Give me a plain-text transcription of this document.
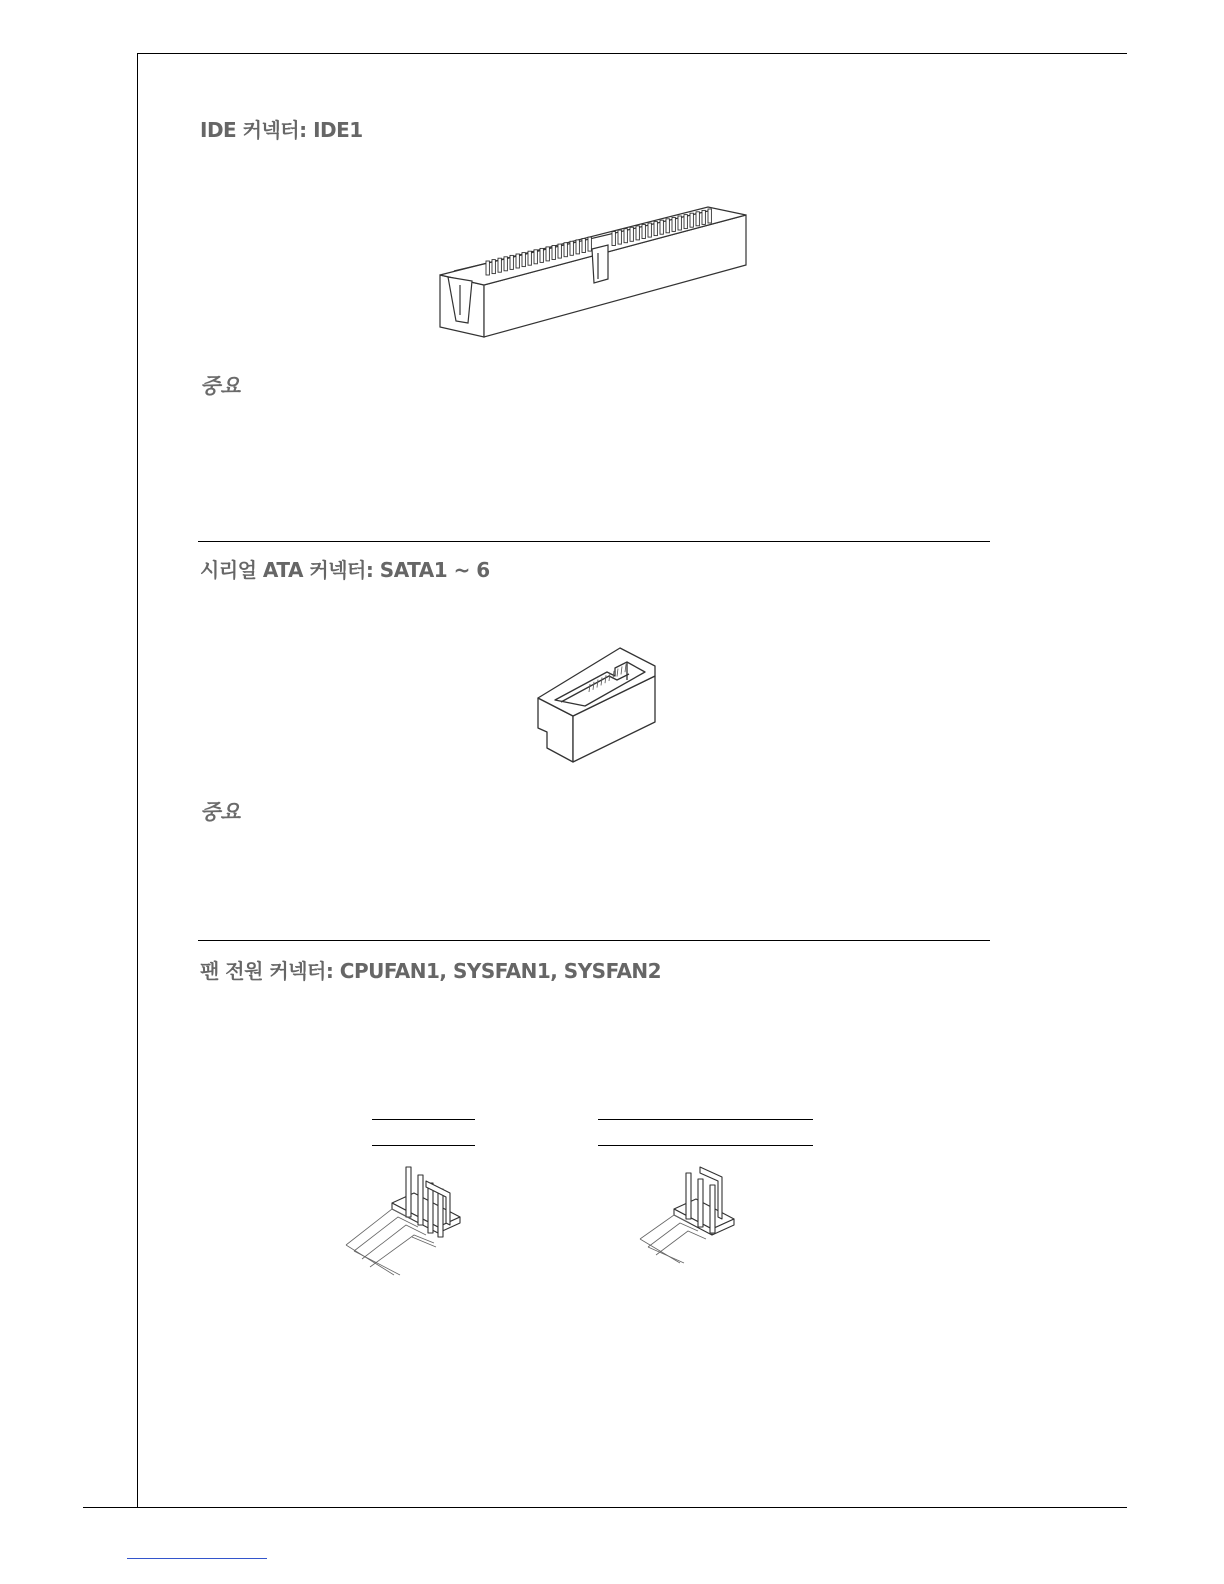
IDE 커넥터: IDE1
중요
시리얼 ATA 커넥터: SATA1 ~ 6
중요
팬 전원 커넥터: CPUFAN1, SYSFAN1, SYSFAN2
